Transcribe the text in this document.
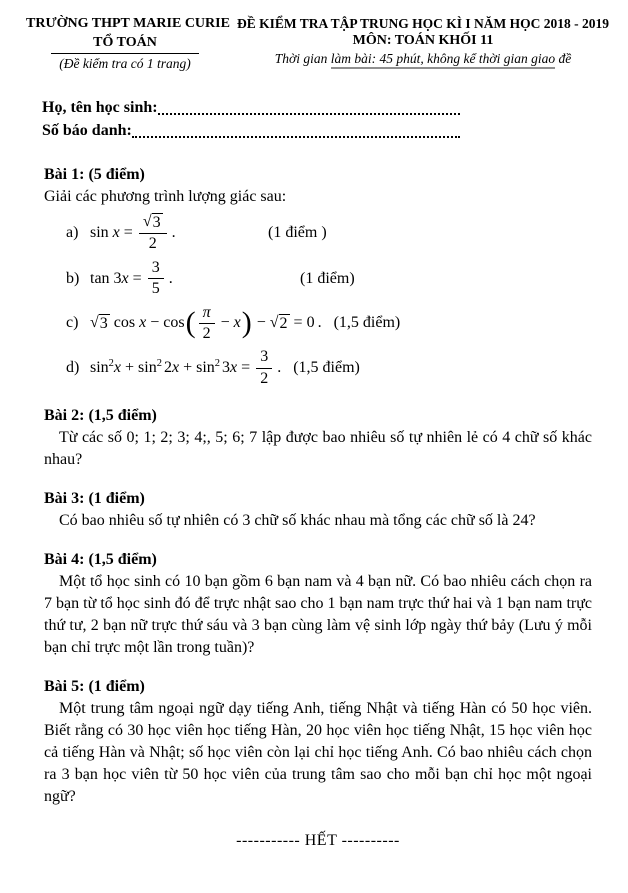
TRƯỜNG THPT MARIE CURIE
TỔ TOÁN
(Đề kiểm tra có 1 trang)
ĐỀ KIỂM TRA TẬP TRUNG HỌC KÌ I NĂM HỌC 2018 - 2019
MÔN: TOÁN KHỐI 11
Thời gian làm bài: 45 phút, không kể thời gian giao đề
Họ, tên học sinh:
Số báo danh:
Bài 1: (5 điểm)
Giải các phương trình lượng giác sau:
a) $\sin x = \frac{√ 3}{2}$ .	(1 điểm )
b) tan 3 $x = \frac{3}{5}$ .	(1 điểm)
c) √ 3 cos x − cos ( $\frac{\pi}{2} - x$ ) − √ 2 = 0 . (1,5 điểm)
d) sin 2 x + sin 2 2 x + sin 2 3 $x = \frac{3}{2}$ . (1,5 điểm)
Bài 2: (1,5 điểm)

Từ các số 0; 1; 2; 3; 4;, 5; 6; 7 lập được bao nhiêu số tự nhiên lẻ có 4 chữ số khác nhau?

Bài 3: (1 điểm)

Có bao nhiêu số tự nhiên có 3 chữ số khác nhau mà tổng các chữ số là 24?

Bài 4: (1,5 điểm)

Một tổ học sinh có 10 bạn gồm 6 bạn nam và 4 bạn nữ. Có bao nhiêu cách chọn ra 7 bạn từ tổ học sinh đó để trực nhật sao cho 1 bạn nam trực thứ hai và 1 bạn nam trực thứ tư, 2 bạn nữ trực thứ sáu và 3 bạn cùng làm vệ sinh lớp ngày thứ bảy (Lưu ý mỗi bạn chỉ trực một lần trong tuần)?

Bài 5: (1 điểm)

Một trung tâm ngoại ngữ dạy tiếng Anh, tiếng Nhật và tiếng Hàn có 50 học viên. Biết rằng có 30 học viên học tiếng Hàn, 20 học viên học tiếng Nhật, 15 học viên học cả tiếng Hàn và Nhật; số học viên còn lại chỉ học tiếng Anh. Có bao nhiêu cách chọn ra 3 bạn học viên từ 50 học viên của trung tâm sao cho mỗi bạn chỉ học một ngoại ngữ?

----------- HẾT ----------
